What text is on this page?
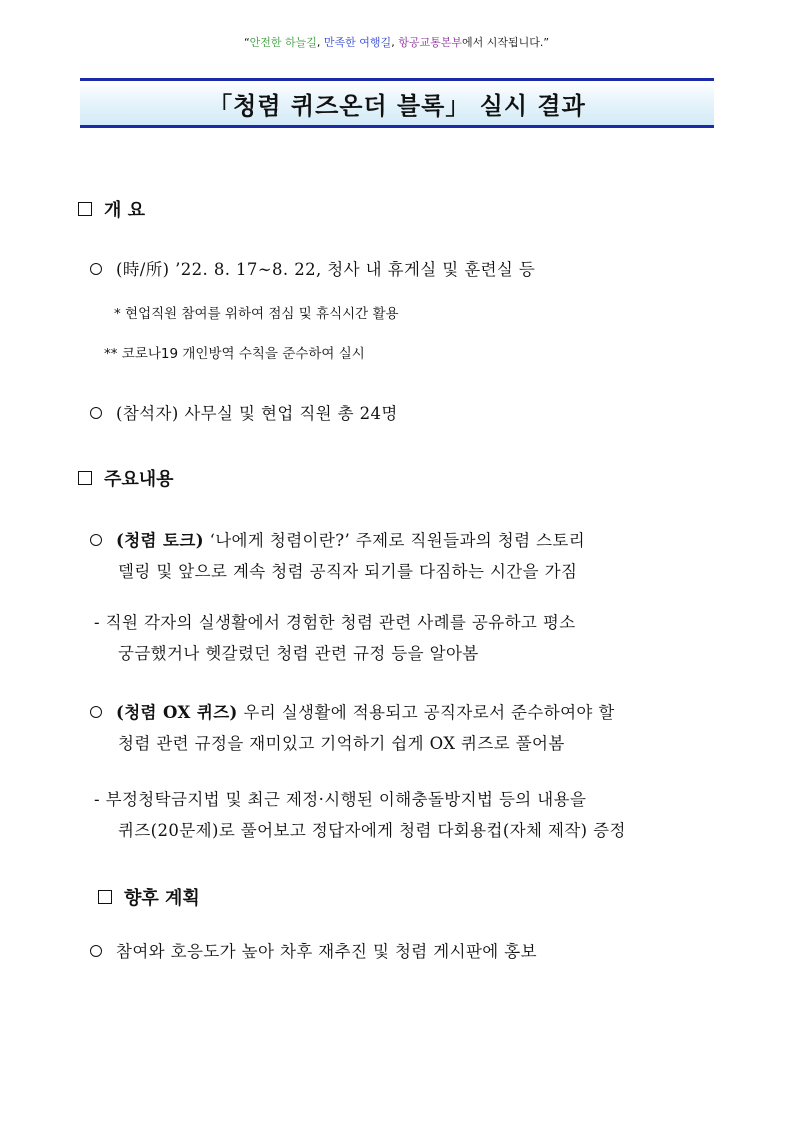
“안전한 하늘길, 만족한 여행길, 항공교통본부에서 시작됩니다.”
「청렴 퀴즈온더 블록」 실시 결과
개 요
(時/所) ’22. 8. 17∼8. 22, 청사 내 휴게실 및 훈련실 등
* 현업직원 참여를 위하여 점심 및 휴식시간 활용
** 코로나19 개인방역 수칙을 준수하여 실시
(참석자) 사무실 및 현업 직원 총 24명
주요내용
(청렴 토크) ‘나에게 청렴이란?’ 주제로 직원들과의 청렴 스토리
델링 및 앞으로 계속 청렴 공직자 되기를 다짐하는 시간을 가짐
- 직원 각자의 실생활에서 경험한 청렴 관련 사례를 공유하고 평소
궁금했거나 헷갈렸던 청렴 관련 규정 등을 알아봄
(청렴 OX 퀴즈) 우리 실생활에 적용되고 공직자로서 준수하여야 할
청렴 관련 규정을 재미있고 기억하기 쉽게 OX 퀴즈로 풀어봄
- 부정청탁금지법 및 최근 제정·시행된 이해충돌방지법 등의 내용을
퀴즈(20문제)로 풀어보고 정답자에게 청렴 다회용컵(자체 제작) 증정
향후 계획
참여와 호응도가 높아 차후 재추진 및 청렴 게시판에 홍보
